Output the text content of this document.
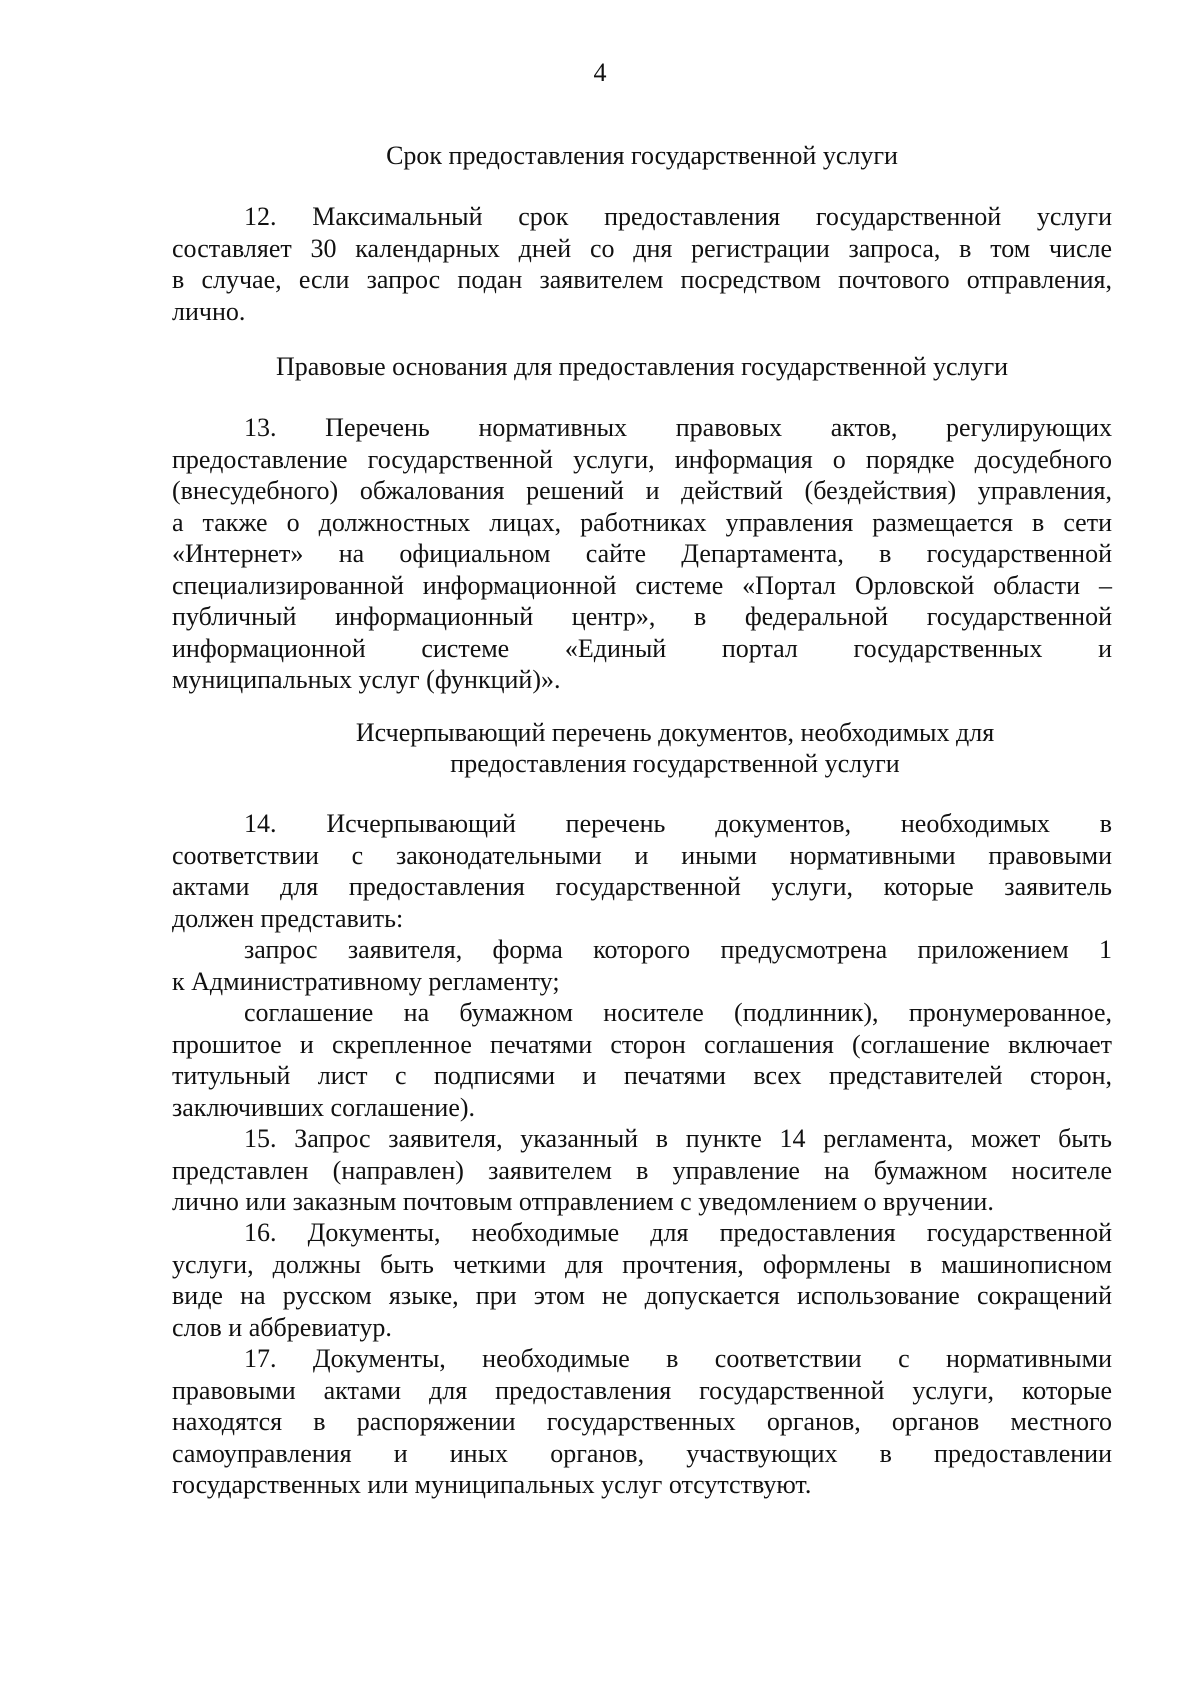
4
Срок предоставления государственной услуги
12. Максимальный срок предоставления государственной услуги
составляет 30 календарных дней со дня регистрации запроса, в том числе
в случае, если запрос подан заявителем посредством почтового отправления,
лично.
Правовые основания для предоставления государственной услуги
13. Перечень нормативных правовых актов, регулирующих
предоставление государственной услуги, информация о порядке досудебного
(внесудебного) обжалования решений и действий (бездействия) управления,
а также о должностных лицах, работниках управления размещается в сети
«Интернет» на официальном сайте Департамента, в государственной
специализированной информационной системе «Портал Орловской области –
публичный информационный центр», в федеральной государственной
информационной системе «Единый портал государственных и
муниципальных услуг (функций)».
Исчерпывающий перечень документов, необходимых для
предоставления государственной услуги
14. Исчерпывающий перечень документов, необходимых в
соответствии с законодательными и иными нормативными правовыми
актами для предоставления государственной услуги, которые заявитель
должен представить:
запрос заявителя, форма которого предусмотрена приложением 1
к Административному регламенту;
соглашение на бумажном носителе (подлинник), пронумерованное,
прошитое и скрепленное печатями сторон соглашения (соглашение включает
титульный лист с подписями и печатями всех представителей сторон,
заключивших соглашение).
15. Запрос заявителя, указанный в пункте 14 регламента, может быть
представлен (направлен) заявителем в управление на бумажном носителе
лично или заказным почтовым отправлением с уведомлением о вручении.
16. Документы, необходимые для предоставления государственной
услуги, должны быть четкими для прочтения, оформлены в машинописном
виде на русском языке, при этом не допускается использование сокращений
слов и аббревиатур.
17. Документы, необходимые в соответствии с нормативными
правовыми актами для предоставления государственной услуги, которые
находятся в распоряжении государственных органов, органов местного
самоуправления и иных органов, участвующих в предоставлении
государственных или муниципальных услуг отсутствуют.
